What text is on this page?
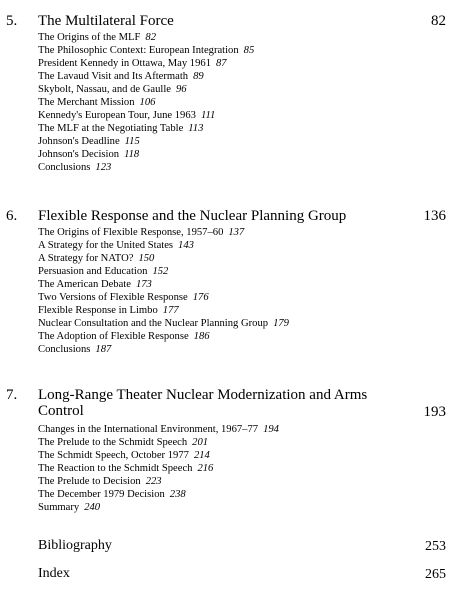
5. The Multilateral Force	82
The Origins of the MLF 82
The Philosophic Context: European Integration 85
President Kennedy in Ottawa, May 1961 87
The Lavaud Visit and Its Aftermath 89
Skybolt, Nassau, and de Gaulle 96
The Merchant Mission 106
Kennedy's European Tour, June 1963 111
The MLF at the Negotiating Table 113
Johnson's Deadline 115
Johnson's Decision 118
Conclusions 123
6. Flexible Response and the Nuclear Planning Group	136
The Origins of Flexible Response, 1957–60 137
A Strategy for the United States 143
A Strategy for NATO? 150
Persuasion and Education 152
The American Debate 173
Two Versions of Flexible Response 176
Flexible Response in Limbo 177
Nuclear Consultation and the Nuclear Planning Group 179
The Adoption of Flexible Response 186
Conclusions 187
7. Long-Range Theater Nuclear Modernization and Arms
Control	193
Changes in the International Environment, 1967–77 194
The Prelude to the Schmidt Speech 201
The Schmidt Speech, October 1977 214
The Reaction to the Schmidt Speech 216
The Prelude to Decision 223
The December 1979 Decision 238
Summary 240
Bibliography	253
Index	265
